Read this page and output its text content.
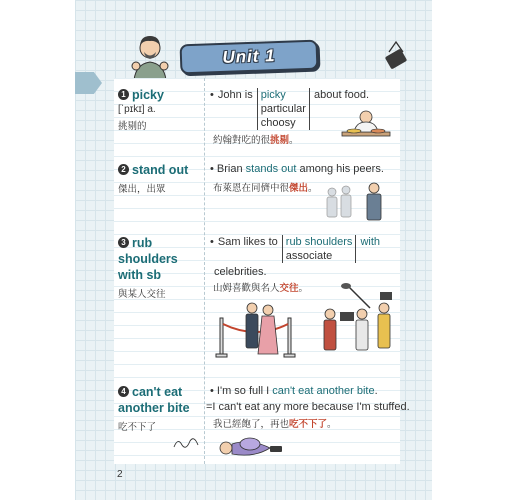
Unit 1
1 picky
[ˋpɪkɪ] a.
挑剔的
• John is picky
particular
choosy
about food.
約翰對吃的很挑剔。
2 stand out
傑出，出眾
• Brian stands out among his peers.
布萊恩在同儕中很傑出。
3 rub
shoulders
with sb
與某人交往
• Sam likes to rub shoulders
associate
with
celebrities.
山姆喜歡與名人交往。
4 can't eat
another bite
吃不下了
• I'm so full I can't eat another bite.
=I can't eat any more because I'm stuffed.
我已經飽了，再也吃不下了。
2
